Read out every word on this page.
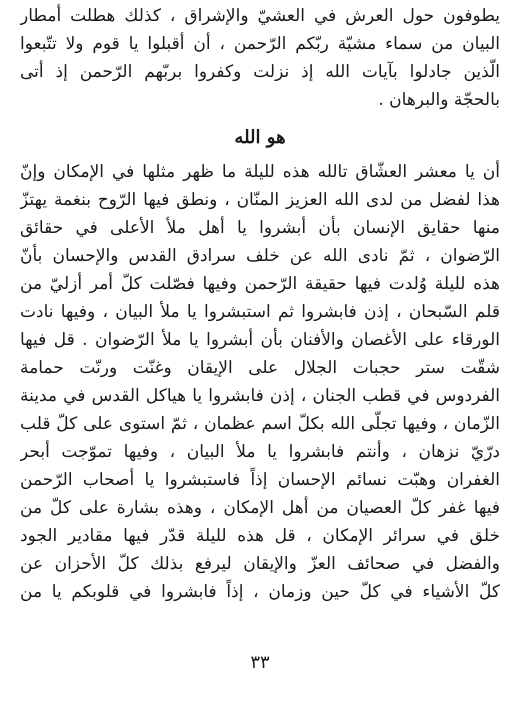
يطوفون حول العرش في العشيّ والإشراق ، كذلك هطلت أمطار
البيان من سماء مشيّة ربّكم الرّحمن ، أن أقبلوا يا قوم ولا تتّبعوا
الّذين جادلوا بآيات الله إذ نزلت وكفروا بربّهم الرّحمن إذ أتى
بالحجّة والبرهان .
هو الله
أن يا معشر العشّاق تالله هذه لليلة ما ظهر مثلها في الإمكان وإنّ
هذا لفضل من لدى الله العزيز المنّان ، ونطق فيها الرّوح بنغمة يهتزّ
منها حقايق الإنسان بأن أبشروا يا أهل ملأ الأعلى في حقائق
الرّضوان ، ثمّ نادى الله عن خلف سرادق القدس والإحسان بأنّ
هذه لليلة وُلدت فيها حقيقة الرّحمن وفيها فصّلت كلّ أمر أزليّ من
قلم السّبحان ، إذن فابشروا ثم استبشروا يا ملأ البيان ، وفيها نادت
الورقاء على الأغصان والأفنان بأن أبشروا يا ملأ الرّضوان . قل فيها
شقّت ستر حجبات الجلال على الإيقان وغنّت ورنّت حمامة
الفردوس في قطب الجنان ، إذن فابشروا يا هياكل القدس في مدينة
الزّمان ، وفيها تجلّى الله بكلّ اسم عظمان ، ثمّ استوى على كلّ قلب
درّيّ نزهان ، وأنتم فابشروا يا ملأ البيان ، وفيها تموّجت أبحر
الغفران وهبّت نسائم الإحسان إذاً فاستبشروا يا أصحاب الرّحمن
فيها غفر كلّ العصيان من أهل الإمكان ، وهذه بشارة على كلّ من
خلق في سرائر الإمكان ، قل هذه لليلة قدّر فيها مقادير الجود
والفضل في صحائف العزّ والإيقان ليرفع بذلك كلّ الأحزان عن
كلّ الأشياء في كلّ حين وزمان ، إذاً فابشروا في قلوبكم يا من
٣٣
